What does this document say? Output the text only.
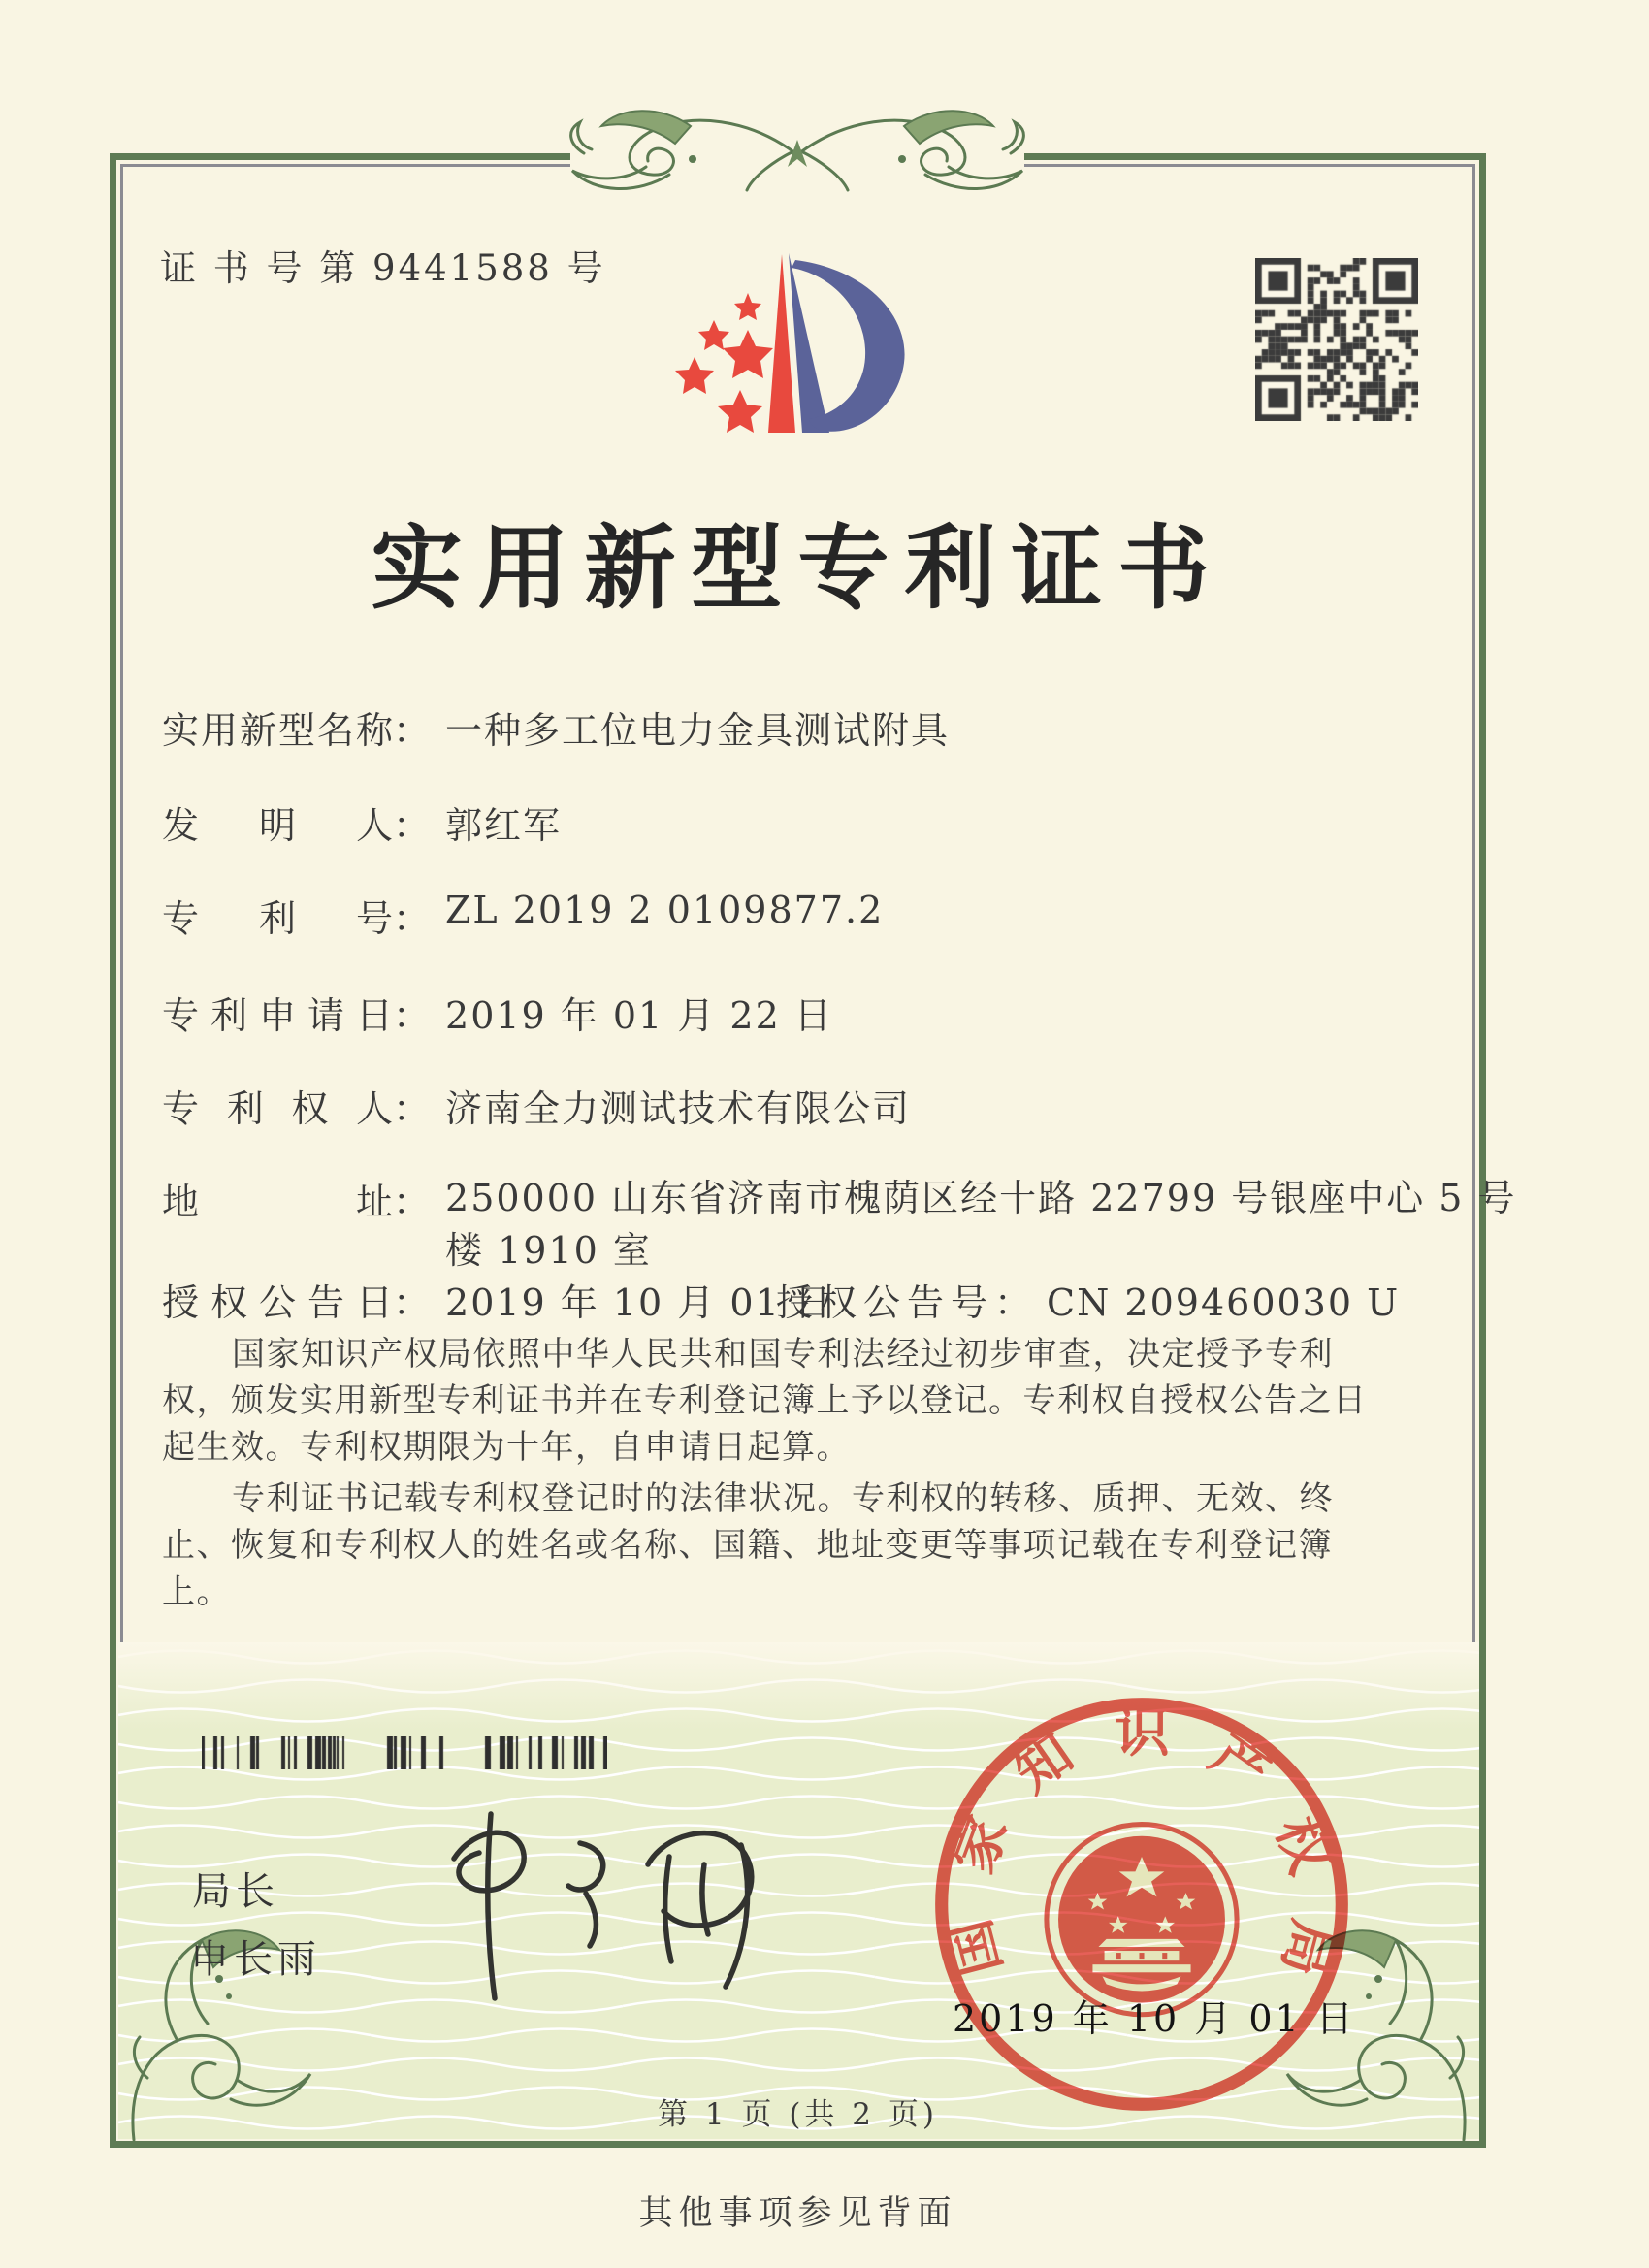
证 书 号 第 9441588 号
实用新型专利证书
实用新型名称： 一种多工位电力金具测试附具
发明人： 郭红军
专利号： ZL 2019 2 0109877.2
专利申请日： 2019 年 01 月 22 日
专利权人： 济南全力测试技术有限公司
地址： 250000 山东省济南市槐荫区经十路 22799 号银座中心 5 号
楼 1910 室
授权公告日： 2019 年 10 月 01 日
授权公告号： CN 209460030 U

国家知识产权局依照中华人民共和国专利法经过初步审查，决定授予专利权，颁发实用新型专利证书并在专利登记簿上予以登记。专利权自授权公告之日起生效。专利权期限为十年，自申请日起算。

专利证书记载专利权登记时的法律状况。专利权的转移、质押、无效、终止、恢复和专利权人的姓名或名称、国籍、地址变更等事项记载在专利登记簿上。

局长
申长雨	国家知识产权局
2019 年 10 月 01 日
第 1 页 (共 2 页)
其他事项参见背面
